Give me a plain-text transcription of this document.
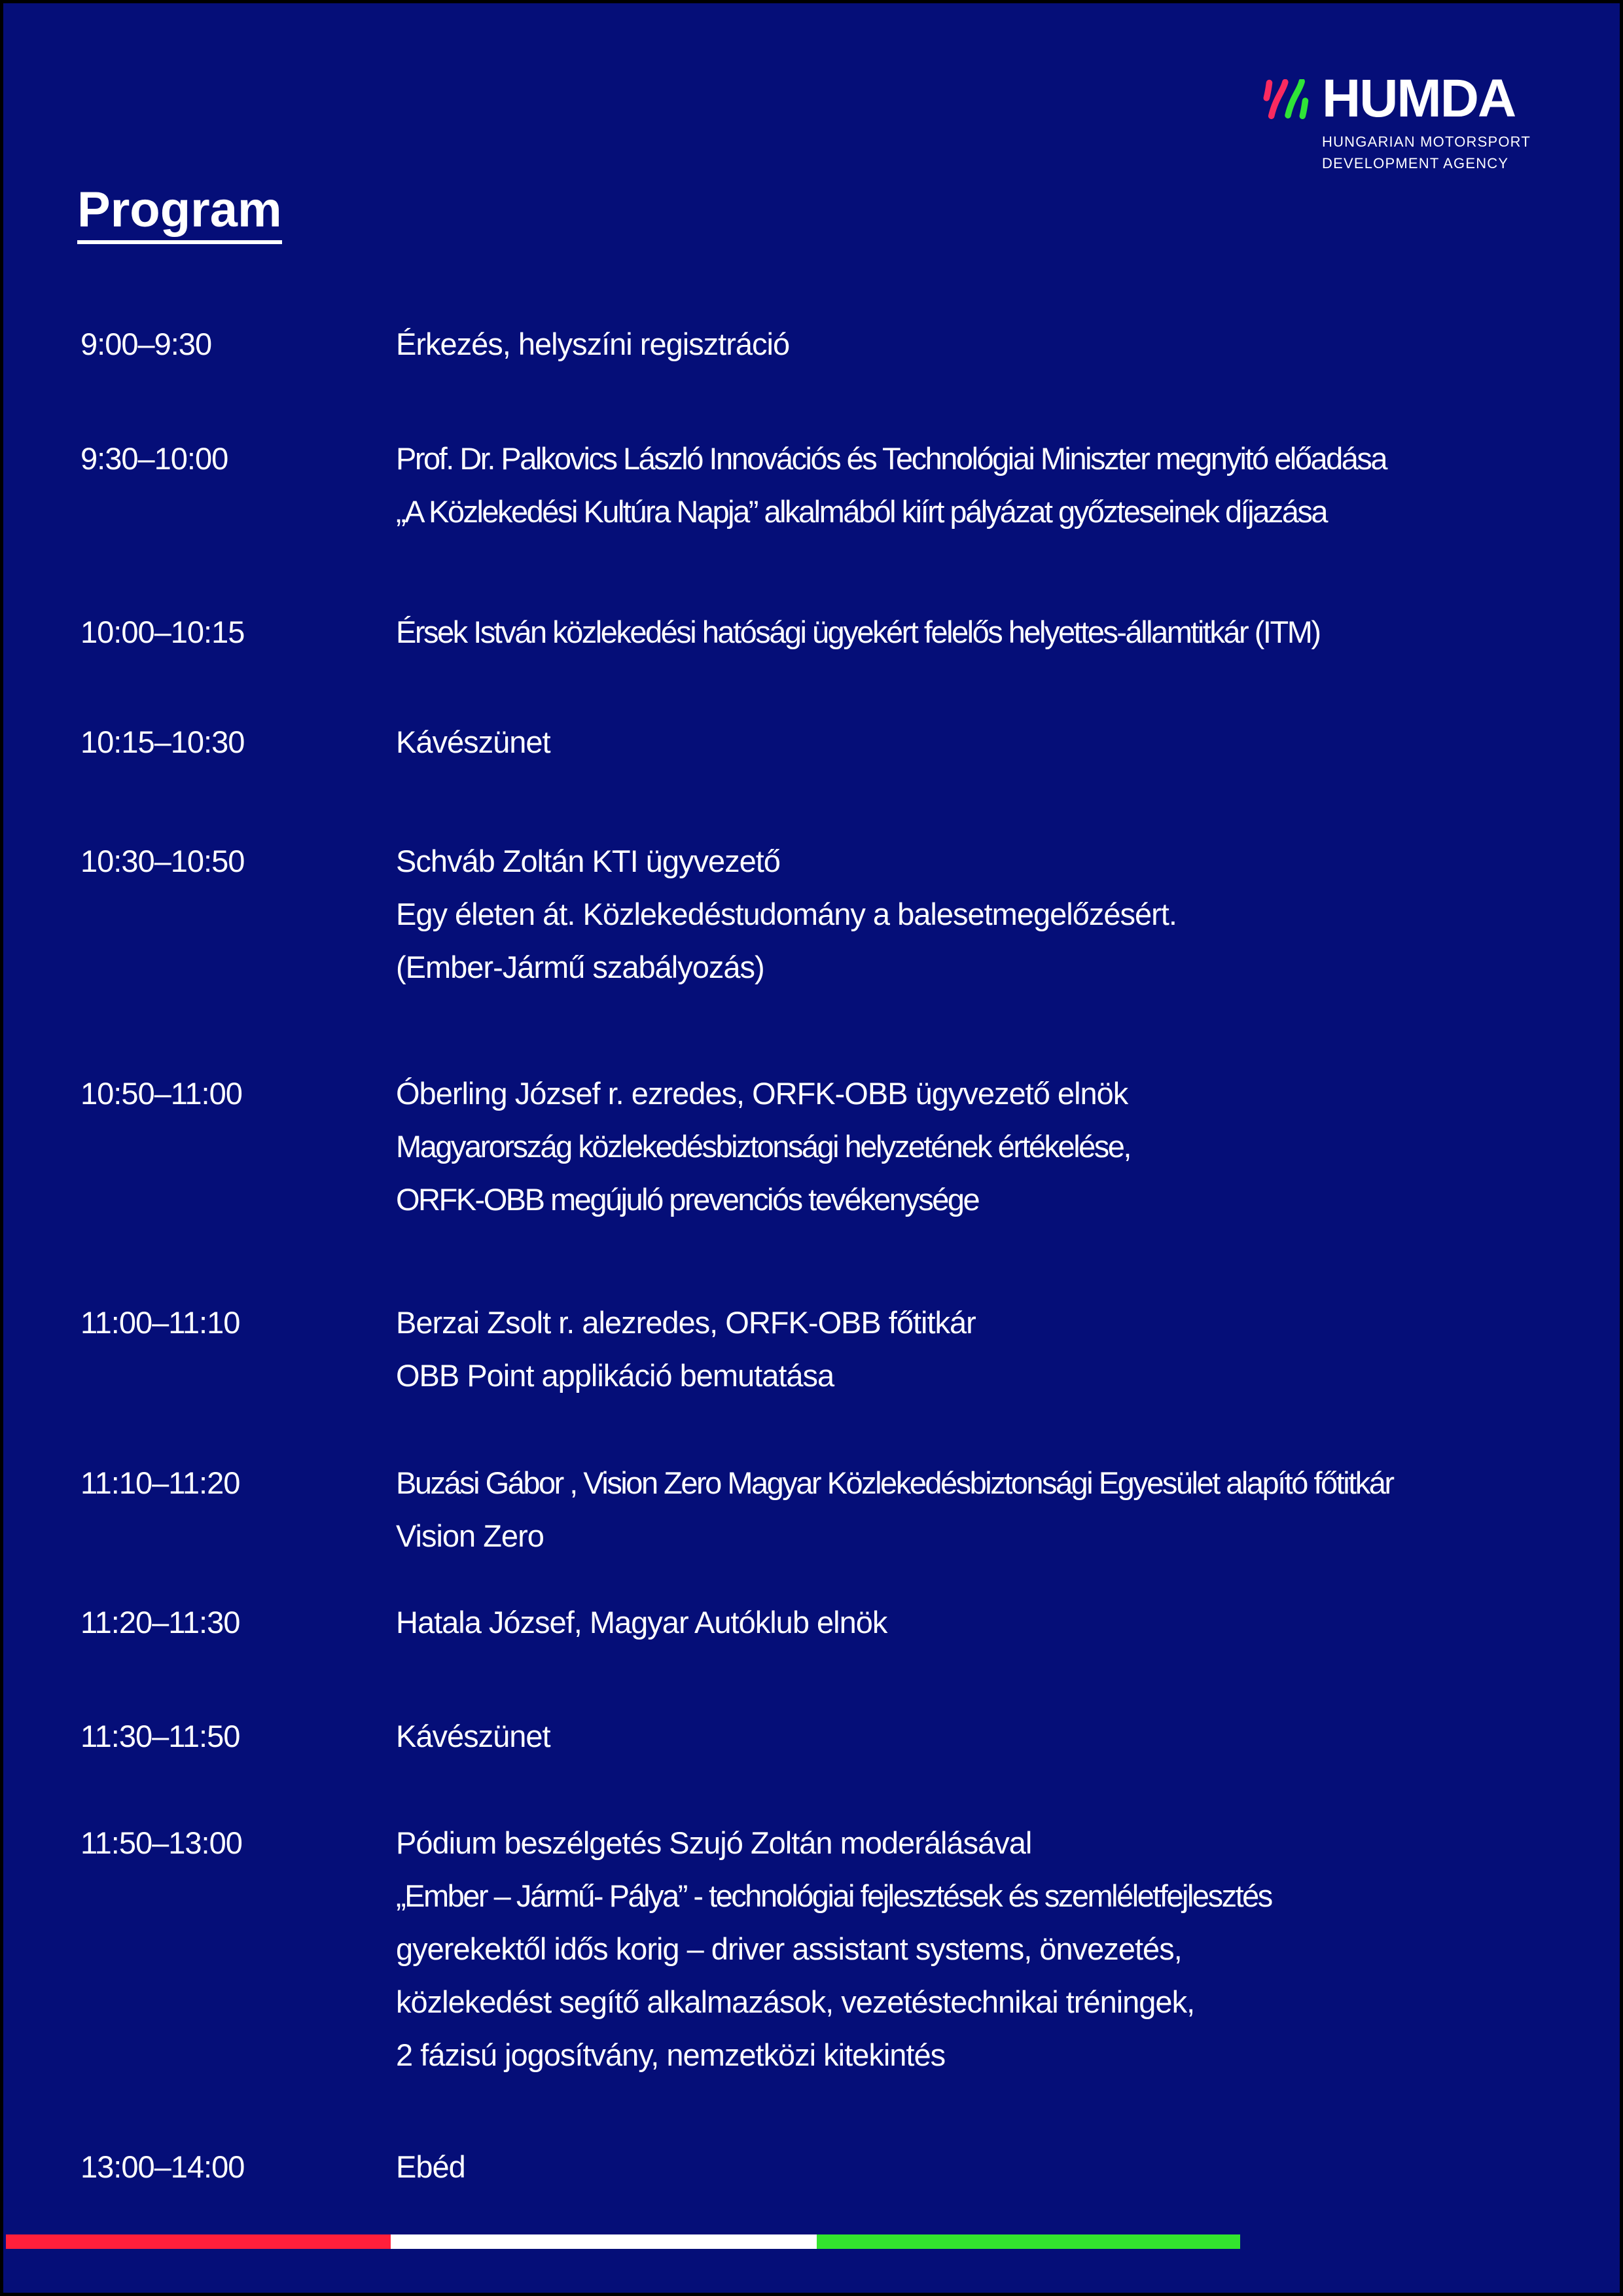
HUMDA
HUNGARIAN MOTORSPORT
DEVELOPMENT AGENCY
Program
9:00–9:30	Érkezés, helyszíni regisztráció
9:30–10:00	Prof. Dr. Palkovics László Innovációs és Technológiai Miniszter megnyitó előadása
„A Közlekedési Kultúra Napja” alkalmából kiírt pályázat győzteseinek díjazása
10:00–10:15	Érsek István közlekedési hatósági ügyekért felelős helyettes-államtitkár (ITM)
10:15–10:30	Kávészünet
10:30–10:50	Schváb Zoltán KTI ügyvezető
Egy életen át. Közlekedéstudomány a balesetmegelőzésért.
(Ember-Jármű szabályozás)
10:50–11:00	Óberling József r. ezredes, ORFK-OBB ügyvezető elnök
Magyarország közlekedésbiztonsági helyzetének értékelése,
ORFK-OBB megújuló prevenciós tevékenysége
11:00–11:10	Berzai Zsolt r. alezredes, ORFK-OBB főtitkár
OBB Point applikáció bemutatása
11:10–11:20	Buzási Gábor , Vision Zero Magyar Közlekedésbiztonsági Egyesület alapító főtitkár
Vision Zero
11:20–11:30	Hatala József, Magyar Autóklub elnök
11:30–11:50	Kávészünet
11:50–13:00	Pódium beszélgetés Szujó Zoltán moderálásával
„Ember – Jármű- Pálya” - technológiai fejlesztések és szemléletfejlesztés
gyerekektől idős korig – driver assistant systems, önvezetés,
közlekedést segítő alkalmazások, vezetéstechnikai tréningek,
2 fázisú jogosítvány, nemzetközi kitekintés
13:00–14:00	Ebéd
